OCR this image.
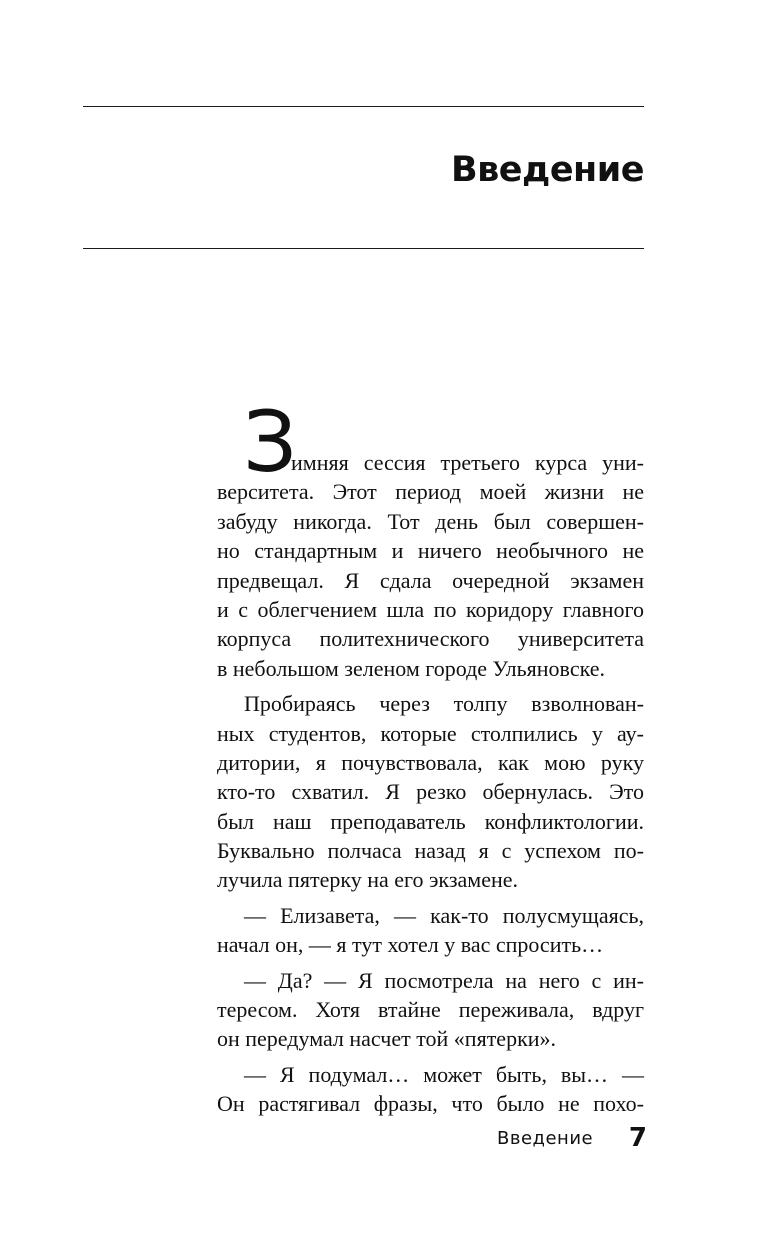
Введение
З
имняя сессия третьего курса уни-
верситета. Этот период моей жизни не
забуду никогда. Тот день был совершен-
но стандартным и ничего необычного не
предвещал. Я сдала очередной экзамен
и с облегчением шла по коридору главного
корпуса политехнического университета
в небольшом зеленом городе Ульяновске.
Пробираясь через толпу взволнован-
ных студентов, которые столпились у ау-
дитории, я почувствовала, как мою руку
кто-то схватил. Я резко обернулась. Это
был наш преподаватель конфликтологии.
Буквально полчаса назад я с успехом по-
лучила пятерку на его экзамене.
— Елизавета, — как-то полусмущаясь,
начал он, — я тут хотел у вас спросить…
— Да? — Я посмотрела на него с ин-
тересом. Хотя втайне переживала, вдруг
он передумал насчет той «пятерки».
— Я подумал… может быть, вы… —
Он растягивал фразы, что было не похо-
Введение 7
